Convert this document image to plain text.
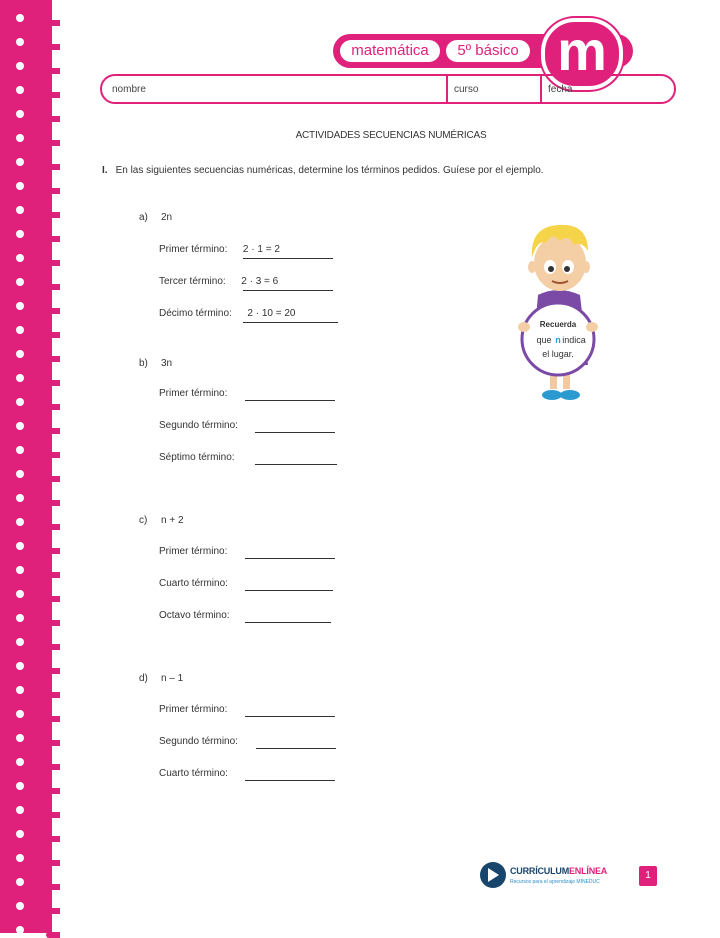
matemática	5º básico m
nombre	curso	fecha
ACTIVIDADES SECUENCIAS NUMÉRICAS
I. En las siguientes secuencias numéricas, determine los términos pedidos. Guíese por el ejemplo.
a) 2n
Primer término: 2 · 1 = 2
Tercer término: 2 · 3 = 6
Décimo término: 2 · 10 = 20
b) 3n
Primer término:
Segundo término:
Séptimo término:
c) n + 2
Primer término:
Cuarto término:
Octavo término:
d) n – 1
Primer término:
Segundo término:
Cuarto término:
Recuerda
que n indica
el lugar.
CURRÍCULUMENLÍNEA
Recursos para el aprendizaje MINEDUC
1
